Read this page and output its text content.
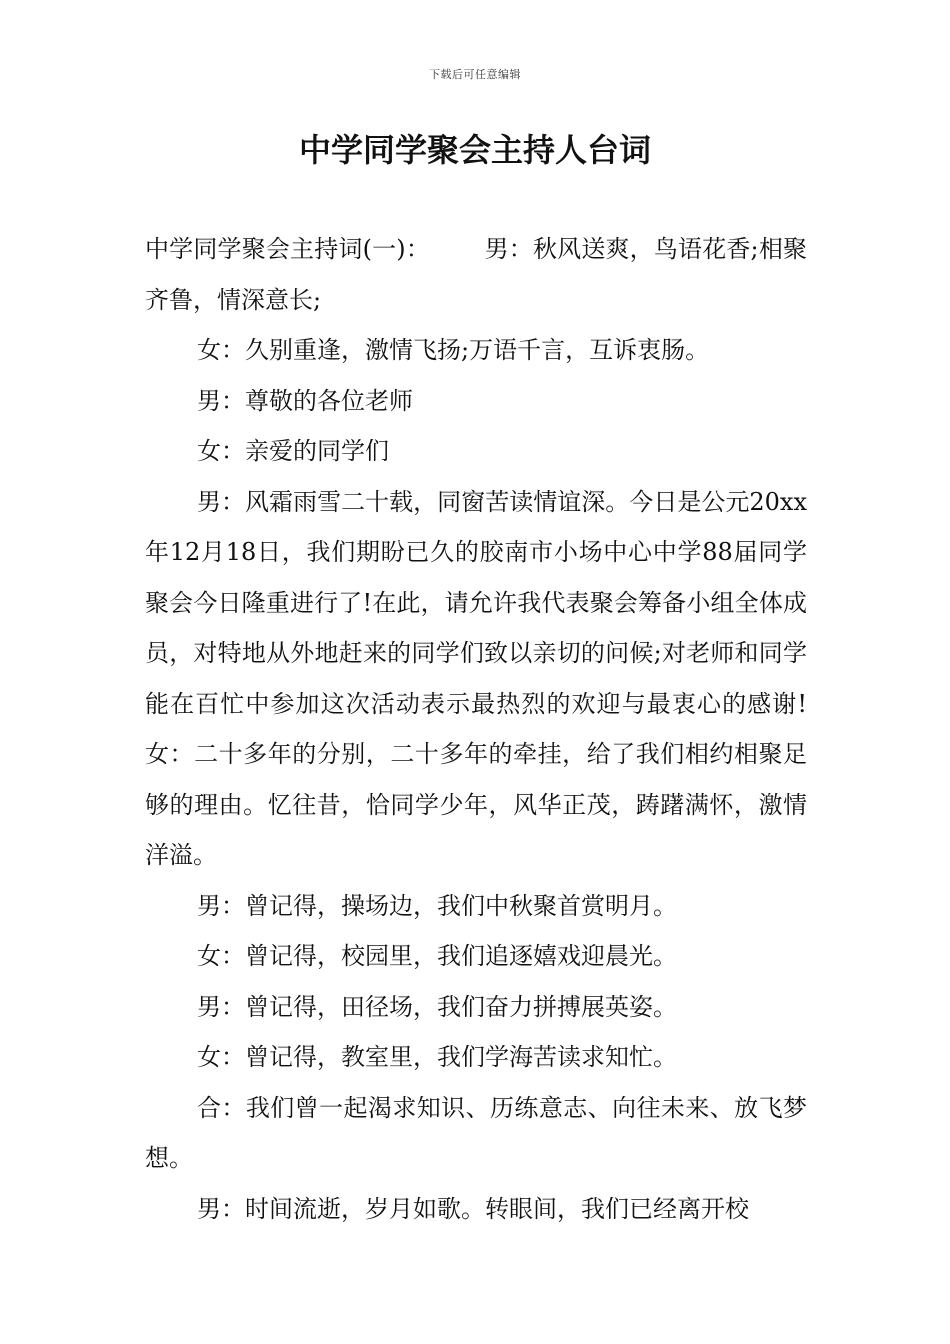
下载后可任意编辑
中学同学聚会主持人台词

中学同学聚会主持词(一)：       男：秋风送爽，鸟语花香;相聚齐鲁，情深意长;

女：久别重逢，激情飞扬;万语千言，互诉衷肠。

男：尊敬的各位老师

女：亲爱的同学们

男：风霜雨雪二十载，同窗苦读情谊深。今日是公元20xx年12月18日，我们期盼已久的胶南市小场中心中学88届同学聚会今日隆重进行了!在此，请允许我代表聚会筹备小组全体成员，对特地从外地赶来的同学们致以亲切的问候;对老师和同学能在百忙中参加这次活动表示最热烈的欢迎与最衷心的感谢! 女：二十多年的分别，二十多年的牵挂，给了我们相约相聚足够的理由。忆往昔，恰同学少年，风华正茂，踌躇满怀，激情洋溢。

男：曾记得，操场边，我们中秋聚首赏明月。

女：曾记得，校园里，我们追逐嬉戏迎晨光。

男：曾记得，田径场，我们奋力拼搏展英姿。

女：曾记得，教室里，我们学海苦读求知忙。

合：我们曾一起渴求知识、历练意志、向往未来、放飞梦想。

男：时间流逝，岁月如歌。转眼间，我们已经离开校
